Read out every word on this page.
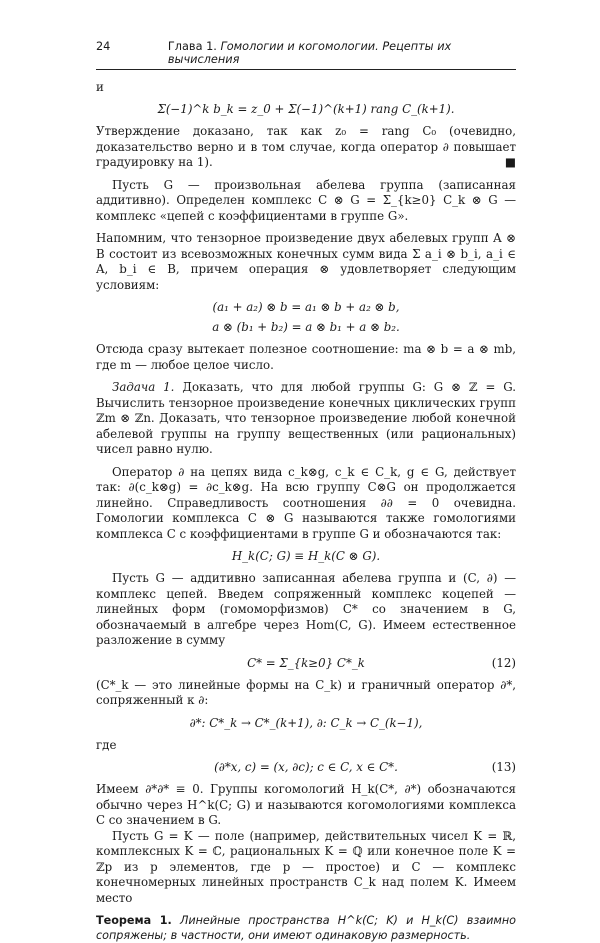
24	Глава 1. Гомологии и когомологии. Рецепты их вычисления

и

Σ(−1)^k b_k = z_0 + Σ(−1)^(k+1) rang C_(k+1).

Утверждение доказано, так как z₀ = rang C₀ (очевидно, доказательство верно и в том случае, когда оператор ∂ повышает градуировку на 1).	■

Пусть G — произвольная абелева группа (записанная аддитивно). Определен комплекс C ⊗ G = Σ_{k≥0} C_k ⊗ G — комплекс «цепей с коэффициентами в группе G».

Напомним, что тензорное произведение двух абелевых групп A ⊗ B состоит из всевозможных конечных сумм вида Σ a_i ⊗ b_i, a_i ∈ A, b_i ∈ B, причем операция ⊗ удовлетворяет следующим условиям:

(a₁ + a₂) ⊗ b = a₁ ⊗ b + a₂ ⊗ b,
a ⊗ (b₁ + b₂) = a ⊗ b₁ + a ⊗ b₂.

Отсюда сразу вытекает полезное соотношение: ma ⊗ b = a ⊗ mb, где m — любое целое число.

Задача 1. Доказать, что для любой группы G: G ⊗ ℤ = G. Вычислить тензорное произведение конечных циклических групп ℤm ⊗ ℤn. Доказать, что тензорное произведение любой конечной абелевой группы на группу вещественных (или рациональных) чисел равно нулю.

Оператор ∂ на цепях вида c_k⊗g, c_k ∈ C_k, g ∈ G, действует так: ∂(c_k⊗g) = ∂c_k⊗g. На всю группу C⊗G он продолжается линейно. Справедливость соотношения ∂∂ = 0 очевидна. Гомологии комплекса C ⊗ G называются также гомологиями комплекса C с коэффициентами в группе G и обозначаются так:

H_k(C; G) ≡ H_k(C ⊗ G).

Пусть G — аддитивно записанная абелева группа и (C, ∂) — комплекс цепей. Введем сопряженный комплекс коцепей — линейных форм (гомоморфизмов) C* со значением в G, обозначаемый в алгебре через Hom(C, G). Имеем естественное разложение в сумму

C* = Σ_{k≥0} C*_k	(12)

(C*_k — это линейные формы на C_k) и граничный оператор ∂*, сопряженный к ∂:

∂*: C*_k → C*_(k+1), ∂: C_k → C_(k−1),

где

(∂*x, c) = (x, ∂c); c ∈ C, x ∈ C*.	(13)

Имеем ∂*∂* ≡ 0. Группы когомологий H_k(C*, ∂*) обозначаются обычно через H^k(C; G) и называются когомологиями комплекса C со значением в G.

Пусть G = K — поле (например, действительных чисел K = ℝ, комплексных K = ℂ, рациональных K = ℚ или конечное поле K = ℤp из p элементов, где p — простое) и C — комплекс конечномерных линейных пространств C_k над полем K. Имеем место

Теорема 1. Линейные пространства H^k(C; K) и H_k(C) взаимно сопряжены; в частности, они имеют одинаковую размерность.
